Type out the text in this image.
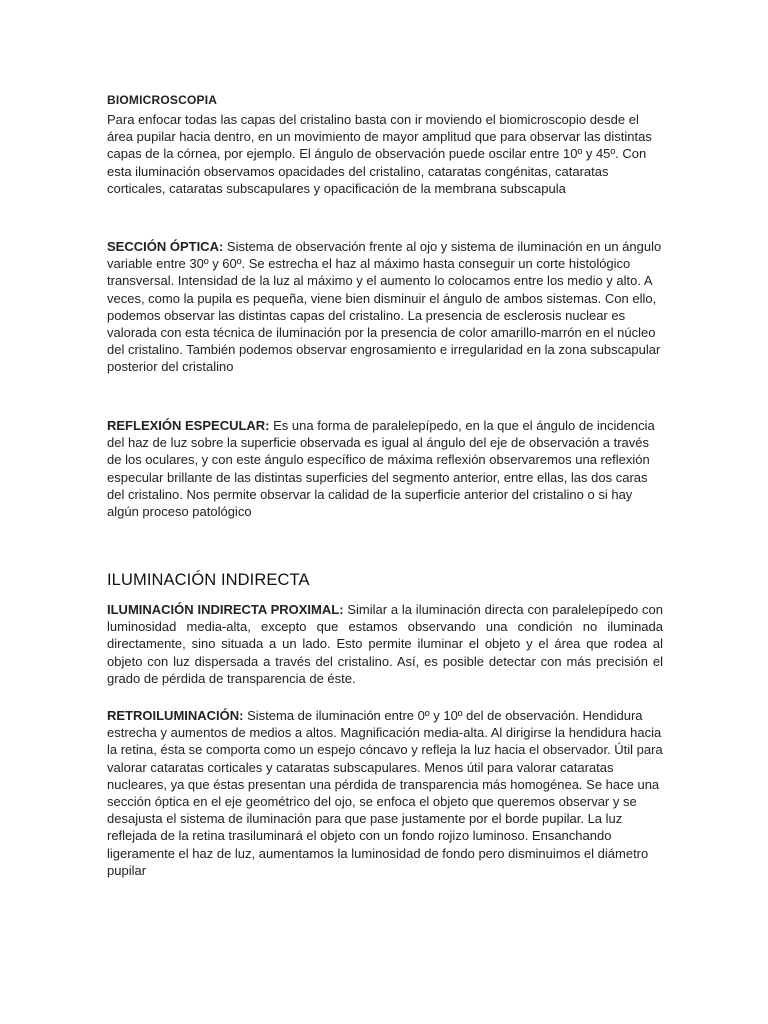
BIOMICROSCOPIA

Para enfocar todas las capas del cristalino basta con ir moviendo el biomicroscopio desde el área pupilar hacia dentro, en un movimiento de mayor amplitud que para observar las distintas capas de la córnea, por ejemplo. El ángulo de observación puede oscilar entre 10º y 45º. Con esta iluminación observamos opacidades del cristalino, cataratas congénitas, cataratas corticales, cataratas subscapulares y opacificación de la membrana subscapula

SECCIÓN ÓPTICA: Sistema de observación frente al ojo y sistema de iluminación en un ángulo variable entre 30º y 60º. Se estrecha el haz al máximo hasta conseguir un corte histológico transversal. Intensidad de la luz al máximo y el aumento lo colocamos entre los medio y alto. A veces, como la pupila es pequeña, viene bien disminuir el ángulo de ambos sistemas. Con ello, podemos observar las distintas capas del cristalino. La presencia de esclerosis nuclear es valorada con esta técnica de iluminación por la presencia de color amarillo-marrón en el núcleo del cristalino. También podemos observar engrosamiento e irregularidad en la zona subscapular posterior del cristalino

REFLEXIÓN ESPECULAR: Es una forma de paralelepípedo, en la que el ángulo de incidencia del haz de luz sobre la superficie observada es igual al ángulo del eje de observación a través de los oculares, y con este ángulo específico de máxima reflexión observaremos una reflexión especular brillante de las distintas superficies del segmento anterior, entre ellas, las dos caras del cristalino. Nos permite observar la calidad de la superficie anterior del cristalino o si hay algún proceso patológico

ILUMINACIÓN INDIRECTA

ILUMINACIÓN INDIRECTA PROXIMAL: Similar a la iluminación directa con paralelepípedo con luminosidad media-alta, excepto que estamos observando una condición no iluminada directamente, sino situada a un lado. Esto permite iluminar el objeto y el área que rodea al objeto con luz dispersada a través del cristalino. Así, es posible detectar con más precisión el grado de pérdida de transparencia de éste.

RETROILUMINACIÓN: Sistema de iluminación entre 0º y 10º del de observación. Hendidura estrecha y aumentos de medios a altos. Magnificación media-alta. Al dirigirse la hendidura hacia la retina, ésta se comporta como un espejo cóncavo y refleja la luz hacia el observador. Útil para valorar cataratas corticales y cataratas subscapulares. Menos útil para valorar cataratas nucleares, ya que éstas presentan una pérdida de transparencia más homogénea. Se hace una sección óptica en el eje geométrico del ojo, se enfoca el objeto que queremos observar y se desajusta el sistema de iluminación para que pase justamente por el borde pupilar. La luz reflejada de la retina trasiluminará el objeto con un fondo rojizo luminoso. Ensanchando ligeramente el haz de luz, aumentamos la luminosidad de fondo pero disminuimos el diámetro pupilar
